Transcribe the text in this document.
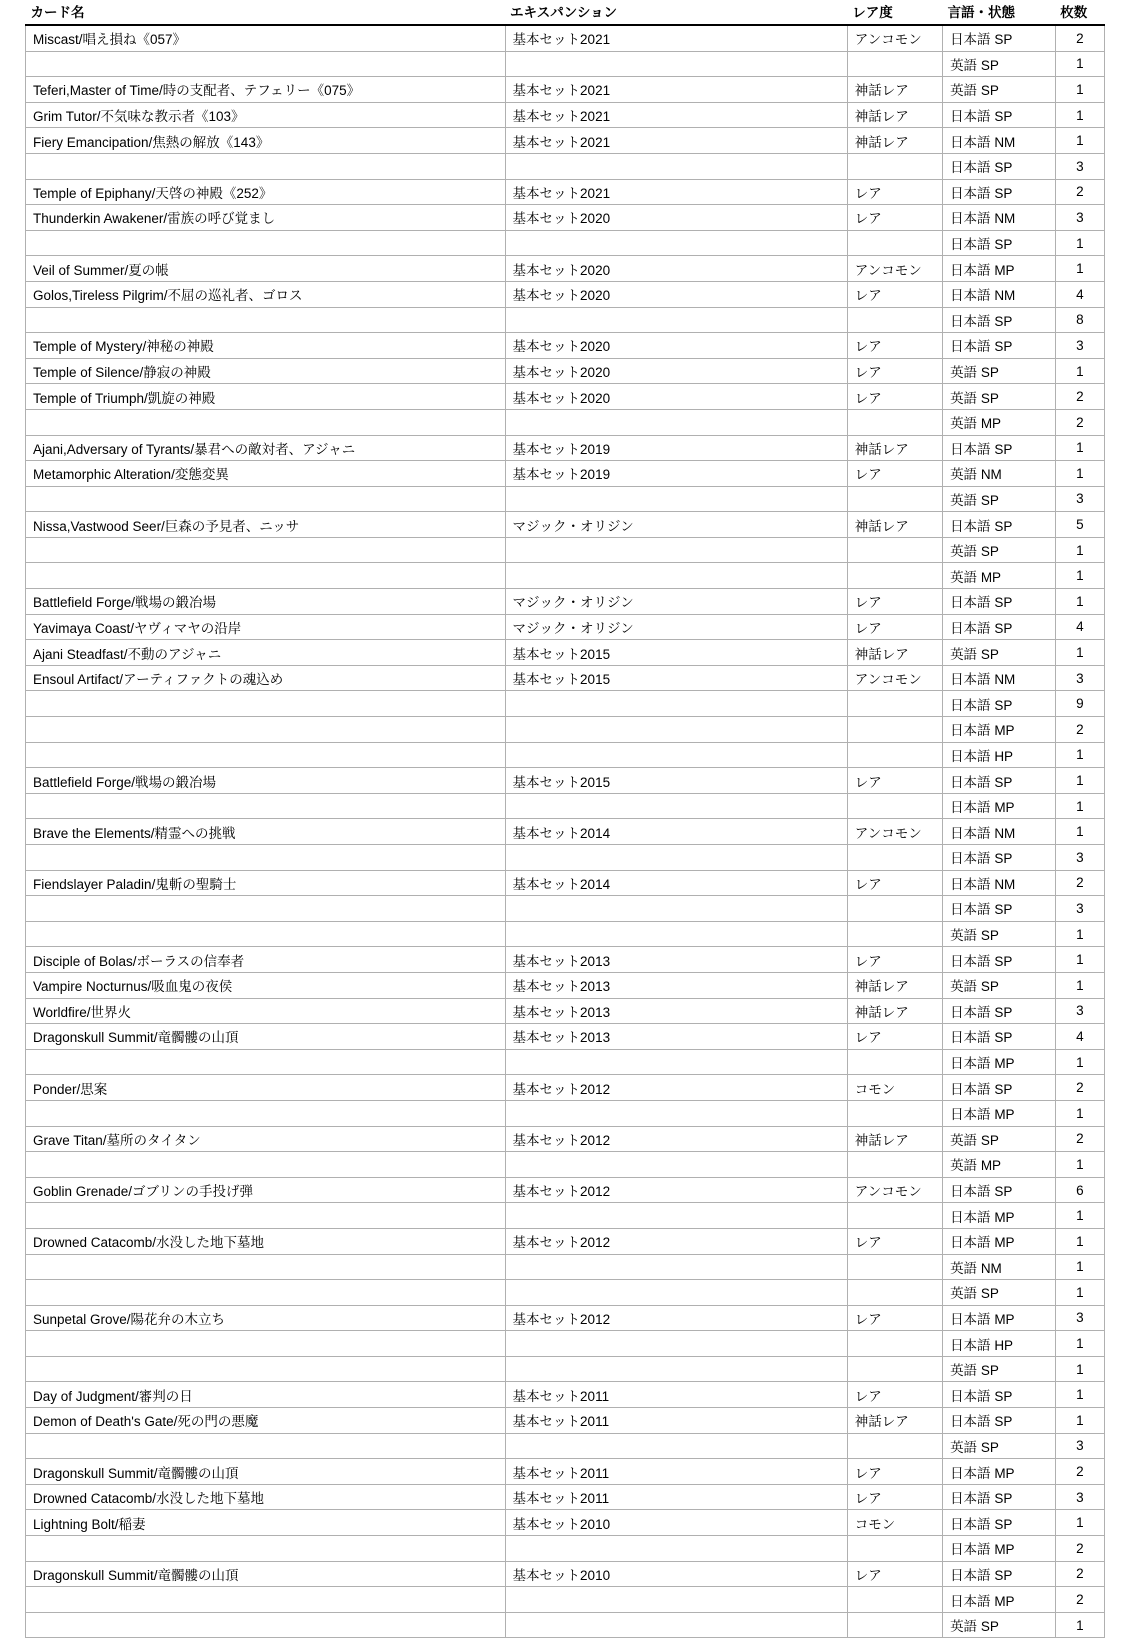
カード名	エキスパンション	レア度	言語・状態	枚数
Miscast/唱え損ね《057》	基本セット2021	アンコモン	日本語 SP	2
			英語 SP	1
Teferi,Master of Time/時の支配者、テフェリー《075》	基本セット2021	神話レア	英語 SP	1
Grim Tutor/不気味な教示者《103》	基本セット2021	神話レア	日本語 SP	1
Fiery Emancipation/焦熱の解放《143》	基本セット2021	神話レア	日本語 NM	1
			日本語 SP	3
Temple of Epiphany/天啓の神殿《252》	基本セット2021	レア	日本語 SP	2
Thunderkin Awakener/雷族の呼び覚まし	基本セット2020	レア	日本語 NM	3
			日本語 SP	1
Veil of Summer/夏の帳	基本セット2020	アンコモン	日本語 MP	1
Golos,Tireless Pilgrim/不屈の巡礼者、ゴロス	基本セット2020	レア	日本語 NM	4
			日本語 SP	8
Temple of Mystery/神秘の神殿	基本セット2020	レア	日本語 SP	3
Temple of Silence/静寂の神殿	基本セット2020	レア	英語 SP	1
Temple of Triumph/凱旋の神殿	基本セット2020	レア	英語 SP	2
			英語 MP	2
Ajani,Adversary of Tyrants/暴君への敵対者、アジャニ	基本セット2019	神話レア	日本語 SP	1
Metamorphic Alteration/変態変異	基本セット2019	レア	英語 NM	1
			英語 SP	3
Nissa,Vastwood Seer/巨森の予見者、ニッサ	マジック・オリジン	神話レア	日本語 SP	5
			英語 SP	1
			英語 MP	1
Battlefield Forge/戦場の鍛冶場	マジック・オリジン	レア	日本語 SP	1
Yavimaya Coast/ヤヴィマヤの沿岸	マジック・オリジン	レア	日本語 SP	4
Ajani Steadfast/不動のアジャニ	基本セット2015	神話レア	英語 SP	1
Ensoul Artifact/アーティファクトの魂込め	基本セット2015	アンコモン	日本語 NM	3
			日本語 SP	9
			日本語 MP	2
			日本語 HP	1
Battlefield Forge/戦場の鍛冶場	基本セット2015	レア	日本語 SP	1
			日本語 MP	1
Brave the Elements/精霊への挑戦	基本セット2014	アンコモン	日本語 NM	1
			日本語 SP	3
Fiendslayer Paladin/鬼斬の聖騎士	基本セット2014	レア	日本語 NM	2
			日本語 SP	3
			英語 SP	1
Disciple of Bolas/ボーラスの信奉者	基本セット2013	レア	日本語 SP	1
Vampire Nocturnus/吸血鬼の夜侯	基本セット2013	神話レア	英語 SP	1
Worldfire/世界火	基本セット2013	神話レア	日本語 SP	3
Dragonskull Summit/竜髑髏の山頂	基本セット2013	レア	日本語 SP	4
			日本語 MP	1
Ponder/思案	基本セット2012	コモン	日本語 SP	2
			日本語 MP	1
Grave Titan/墓所のタイタン	基本セット2012	神話レア	英語 SP	2
			英語 MP	1
Goblin Grenade/ゴブリンの手投げ弾	基本セット2012	アンコモン	日本語 SP	6
			日本語 MP	1
Drowned Catacomb/水没した地下墓地	基本セット2012	レア	日本語 MP	1
			英語 NM	1
			英語 SP	1
Sunpetal Grove/陽花弁の木立ち	基本セット2012	レア	日本語 MP	3
			日本語 HP	1
			英語 SP	1
Day of Judgment/審判の日	基本セット2011	レア	日本語 SP	1
Demon of Death's Gate/死の門の悪魔	基本セット2011	神話レア	日本語 SP	1
			英語 SP	3
Dragonskull Summit/竜髑髏の山頂	基本セット2011	レア	日本語 MP	2
Drowned Catacomb/水没した地下墓地	基本セット2011	レア	日本語 SP	3
Lightning Bolt/稲妻	基本セット2010	コモン	日本語 SP	1
			日本語 MP	2
Dragonskull Summit/竜髑髏の山頂	基本セット2010	レア	日本語 SP	2
			日本語 MP	2
			英語 SP	1
